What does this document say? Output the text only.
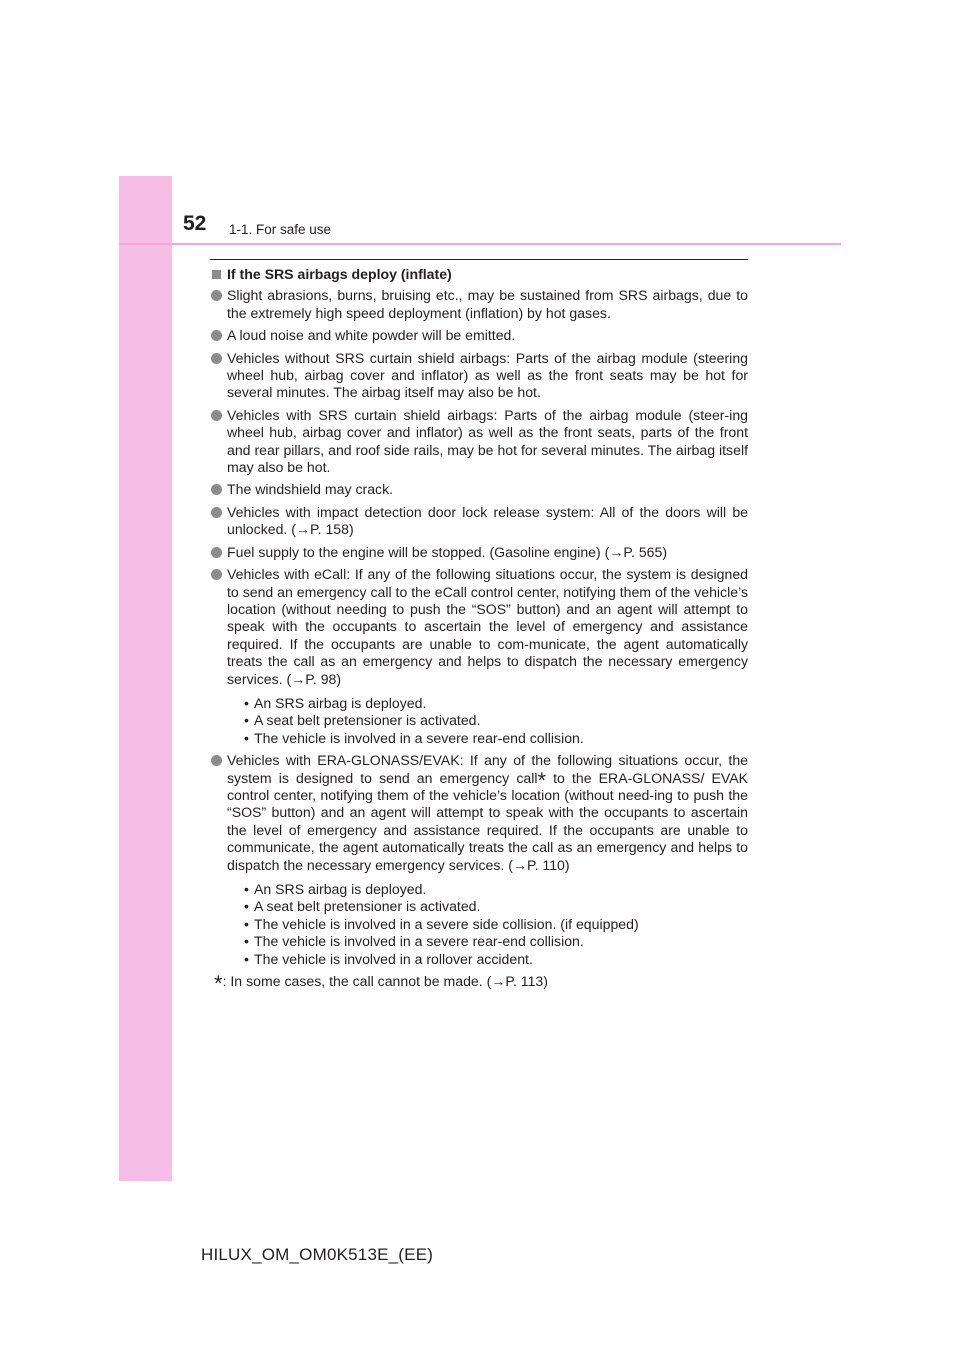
52 1-1. For safe use
If the SRS airbags deploy (inflate)
Slight abrasions, burns, bruising etc., may be sustained from SRS airbags, due to the extremely high speed deployment (inflation) by hot gases.
A loud noise and white powder will be emitted.
Vehicles without SRS curtain shield airbags: Parts of the airbag module (steering wheel hub, airbag cover and inflator) as well as the front seats may be hot for several minutes. The airbag itself may also be hot.
Vehicles with SRS curtain shield airbags: Parts of the airbag module (steer-ing wheel hub, airbag cover and inflator) as well as the front seats, parts of the front and rear pillars, and roof side rails, may be hot for several minutes. The airbag itself may also be hot.
The windshield may crack.
Vehicles with impact detection door lock release system: All of the doors will be unlocked. (→P. 158)
Fuel supply to the engine will be stopped. (Gasoline engine) (→P. 565)
Vehicles with eCall: If any of the following situations occur, the system is designed to send an emergency call to the eCall control center, notifying them of the vehicle’s location (without needing to push the “SOS” button) and an agent will attempt to speak with the occupants to ascertain the level of emergency and assistance required. If the occupants are unable to com-municate, the agent automatically treats the call as an emergency and helps to dispatch the necessary emergency services. (→P. 98)
• An SRS airbag is deployed.
• A seat belt pretensioner is activated.
• The vehicle is involved in a severe rear-end collision.
Vehicles with ERA-GLONASS/EVAK: If any of the following situations occur, the system is designed to send an emergency call* to the ERA-GLONASS/ EVAK control center, notifying them of the vehicle’s location (without need-ing to push the “SOS” button) and an agent will attempt to speak with the occupants to ascertain the level of emergency and assistance required. If the occupants are unable to communicate, the agent automatically treats the call as an emergency and helps to dispatch the necessary emergency services. (→P. 110)
• An SRS airbag is deployed.
• A seat belt pretensioner is activated.
• The vehicle is involved in a severe side collision. (if equipped)
• The vehicle is involved in a severe rear-end collision.
• The vehicle is involved in a rollover accident.
*: In some cases, the call cannot be made. (→P. 113)
HILUX_OM_OM0K513E_(EE)
